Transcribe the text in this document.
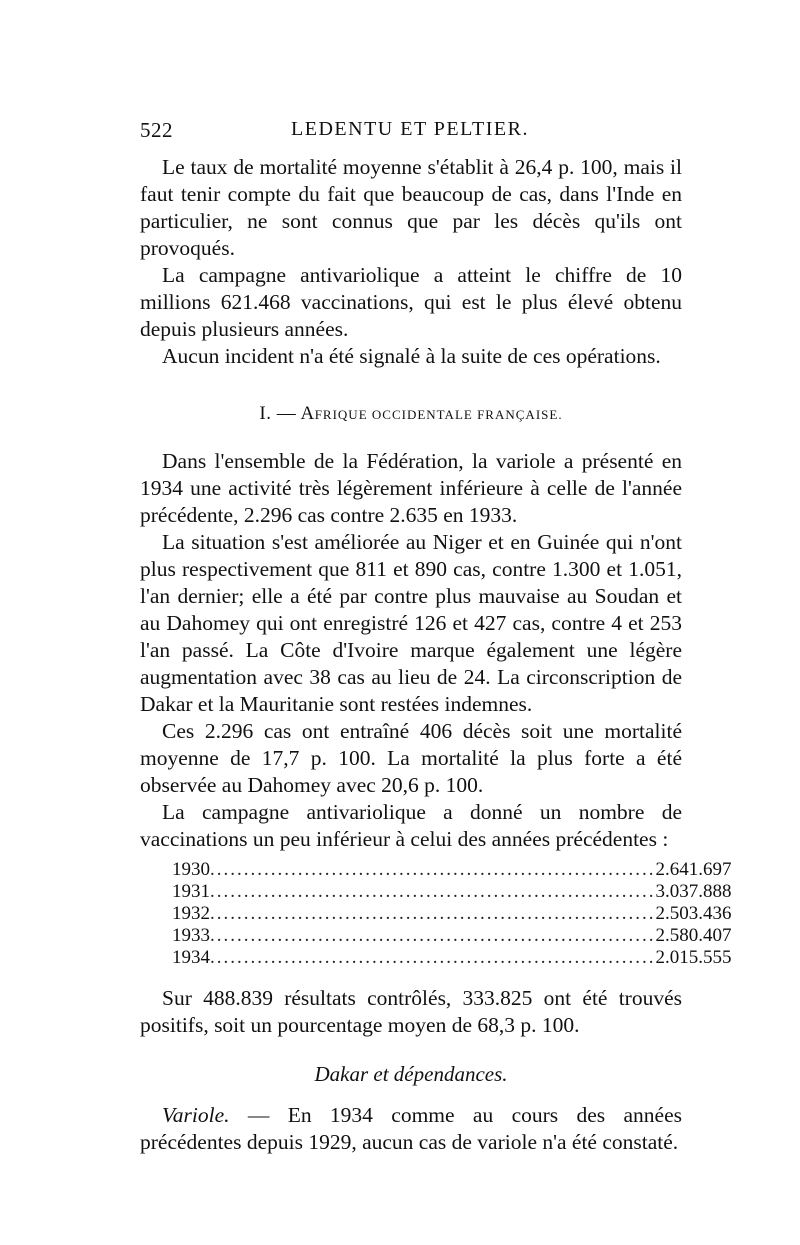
522	LEDENTU ET PELTIER.

Le taux de mortalité moyenne s'établit à 26,4 p. 100, mais il faut tenir compte du fait que beaucoup de cas, dans l'Inde en particulier, ne sont connus que par les décès qu'ils ont provoqués.

La campagne antivariolique a atteint le chiffre de 10 millions 621.468 vaccinations, qui est le plus élevé obtenu depuis plusieurs années.

Aucun incident n'a été signalé à la suite de ces opérations.

I. — AFRIQUE OCCIDENTALE FRANÇAISE.

Dans l'ensemble de la Fédération, la variole a présenté en 1934 une activité très légèrement inférieure à celle de l'année précédente, 2.296 cas contre 2.635 en 1933.

La situation s'est améliorée au Niger et en Guinée qui n'ont plus respectivement que 811 et 890 cas, contre 1.300 et 1.051, l'an dernier; elle a été par contre plus mauvaise au Soudan et au Dahomey qui ont enregistré 126 et 427 cas, contre 4 et 253 l'an passé. La Côte d'Ivoire marque également une légère augmentation avec 38 cas au lieu de 24. La circonscription de Dakar et la Mauritanie sont restées indemnes.

Ces 2.296 cas ont entraîné 406 décès soit une mortalité moyenne de 17,7 p. 100. La mortalité la plus forte a été observée au Dahomey avec 20,6 p. 100.

La campagne antivariolique a donné un nombre de vaccinations un peu inférieur à celui des années précédentes :

1930	..................................................................	2.641.697
1931	..................................................................	3.037.888
1932	..................................................................	2.503.436
1933	..................................................................	2.580.407
1934	..................................................................	2.015.555

Sur 488.839 résultats contrôlés, 333.825 ont été trouvés positifs, soit un pourcentage moyen de 68,3 p. 100.

Dakar et dépendances.

Variole. — En 1934 comme au cours des années précédentes depuis 1929, aucun cas de variole n'a été constaté.
